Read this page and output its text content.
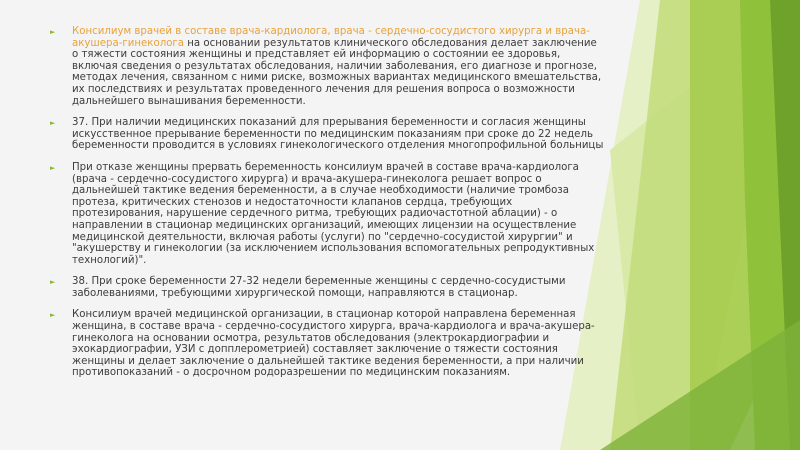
► Консилиум врачей в составе врача-кардиолога, врача - сердечно-сосудистого хирурга и врача-акушера-гинеколога на основании результатов клинического обследования делает заключение о тяжести состояния женщины и представляет ей информацию о состоянии ее здоровья, включая сведения о результатах обследования, наличии заболевания, его диагнозе и прогнозе, методах лечения, связанном с ними риске, возможных вариантах медицинского вмешательства, их последствиях и результатах проведенного лечения для решения вопроса о возможности дальнейшего вынашивания беременности.
► 37. При наличии медицинских показаний для прерывания беременности и согласия женщины искусственное прерывание беременности по медицинским показаниям при сроке до 22 недель беременности проводится в условиях гинекологического отделения многопрофильной больницы
► При отказе женщины прервать беременность консилиум врачей в составе врача-кардиолога (врача - сердечно-сосудистого хирурга) и врача-акушера-гинеколога решает вопрос о дальнейшей тактике ведения беременности, а в случае необходимости (наличие тромбоза протеза, критических стенозов и недостаточности клапанов сердца, требующих протезирования, нарушение сердечного ритма, требующих радиочастотной аблации) - о направлении в стационар медицинских организаций, имеющих лицензии на осуществление медицинской деятельности, включая работы (услуги) по "сердечно-сосудистой хирургии" и "акушерству и гинекологии (за исключением использования вспомогательных репродуктивных технологий)".
► 38. При сроке беременности 27-32 недели беременные женщины с сердечно-сосудистыми заболеваниями, требующими хирургической помощи, направляются в стационар.
► Консилиум врачей медицинской организации, в стационар которой направлена беременная женщина, в составе врача - сердечно-сосудистого хирурга, врача-кардиолога и врача-акушера-гинеколога на основании осмотра, результатов обследования (электрокардиографии и эхокардиографии, УЗИ с допплерометрией) составляет заключение о тяжести состояния женщины и делает заключение о дальнейшей тактике ведения беременности, а при наличии противопоказаний - о досрочном родоразрешении по медицинским показаниям.
